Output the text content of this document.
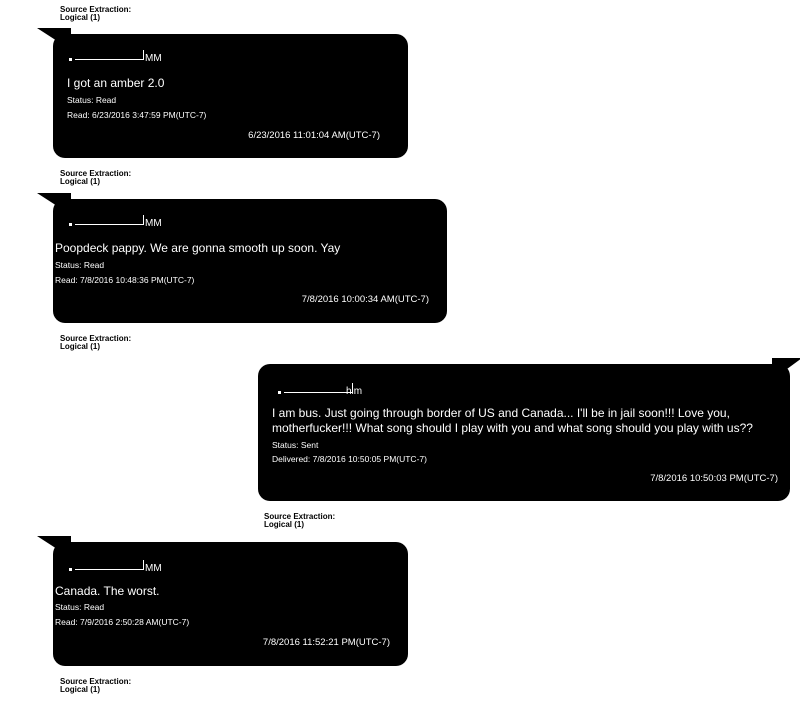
Source Extraction:
Logical (1)
MM
I got an amber 2.0
Status: Read
Read: 6/23/2016 3:47:59 PM(UTC-7)
6/23/2016 11:01:04 AM(UTC-7)
Source Extraction:
Logical (1)
MM
Poopdeck pappy. We are gonna smooth up soon. Yay
Status: Read
Read: 7/8/2016 10:48:36 PM(UTC-7)
7/8/2016 10:00:34 AM(UTC-7)
Source Extraction:
Logical (1)
him
I am bus. Just going through border of US and Canada... I'll be in jail soon!!! Love you,
motherfucker!!! What song should I play with you and what song should you play with us??
Status: Sent
Delivered: 7/8/2016 10:50:05 PM(UTC-7)
7/8/2016 10:50:03 PM(UTC-7)
Source Extraction:
Logical (1)
MM
Canada. The worst.
Status: Read
Read: 7/9/2016 2:50:28 AM(UTC-7)
7/8/2016 11:52:21 PM(UTC-7)
Source Extraction:
Logical (1)
